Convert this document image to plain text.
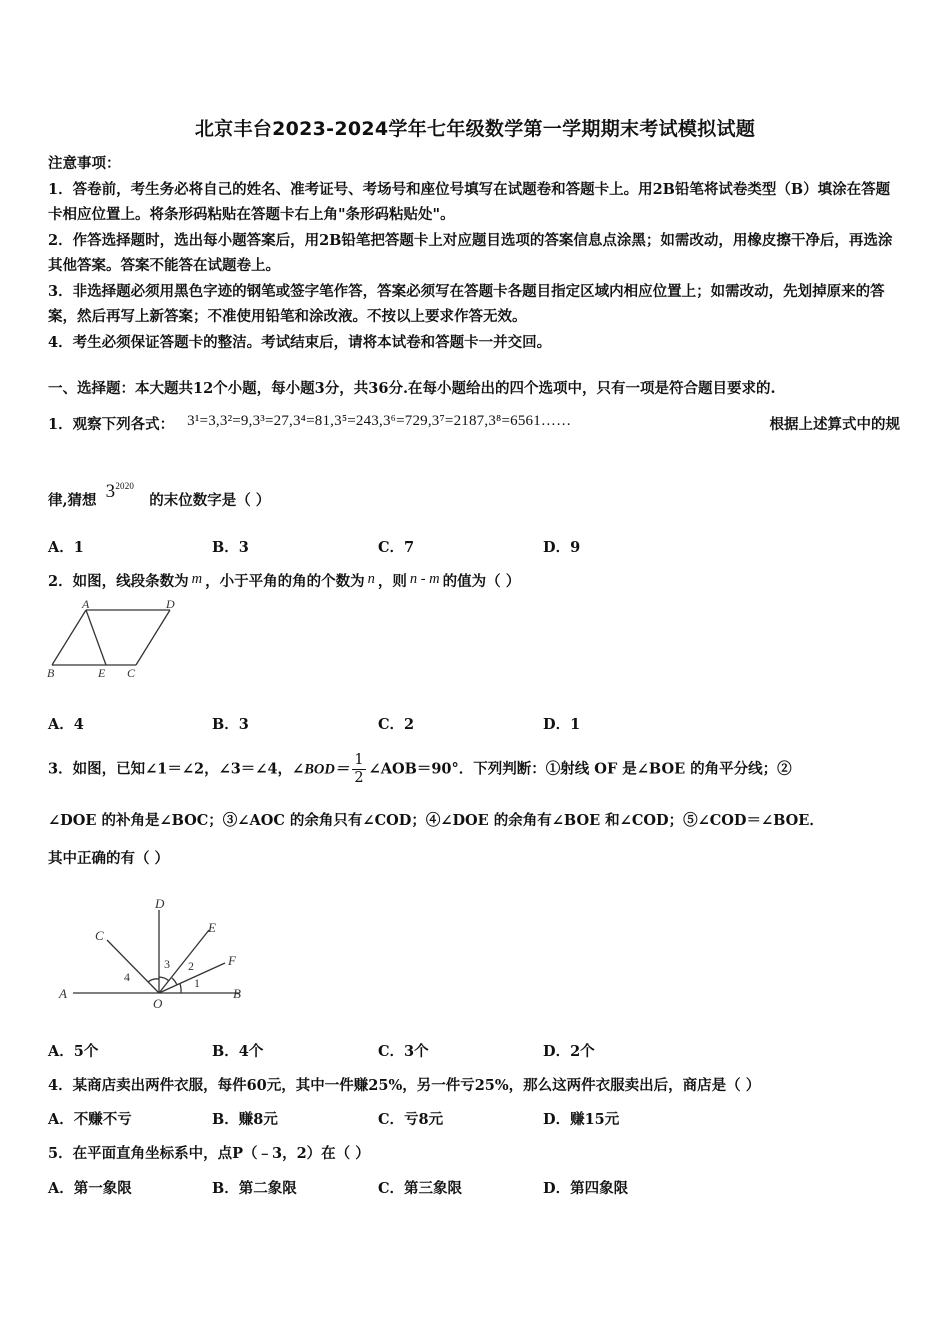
北京丰台2023-2024学年七年级数学第一学期期末考试模拟试题
注意事项：
1．答卷前，考生务必将自己的姓名、准考证号、考场号和座位号填写在试题卷和答题卡上。用2B铅笔将试卷类型（B）填涂在答题卡相应位置上。将条形码粘贴在答题卡右上角"条形码粘贴处"。
2．作答选择题时，选出每小题答案后，用2B铅笔把答题卡上对应题目选项的答案信息点涂黑；如需改动，用橡皮擦干净后，再选涂其他答案。答案不能答在试题卷上。
3．非选择题必须用黑色字迹的钢笔或签字笔作答，答案必须写在答题卡各题目指定区域内相应位置上；如需改动，先划掉原来的答案，然后再写上新答案；不准使用铅笔和涂改液。不按以上要求作答无效。
4．考生必须保证答题卡的整洁。考试结束后，请将本试卷和答题卡一并交回。
一、选择题：本大题共12个小题，每小题3分，共36分.在每小题给出的四个选项中，只有一项是符合题目要求的.
1．观察下列各式： 3¹=3,3²=9,3³=27,3⁴=81,3⁵=243,3⁶=729,3⁷=2187,3⁸=6561……	根据上述算式中的规
律,猜想 $3^{2020}$ 的末位数字是（ ）
A．1	B．3	C．7	D．9
2．如图，线段条数为 m ，小于平角的角的个数为 n ，则 n - m 的值为（ ）
A	D
B	E C
A．4	B．3	C．2	D．1
3．如图，已知∠1＝∠2，∠3＝∠4，∠BOD＝ $\frac{1}{2}$ ∠AOB＝90°．下列判断：①射线 OF 是∠BOE 的角平分线；②
∠DOE 的补角是∠BOC；③∠AOC 的余角只有∠COD；④∠DOE 的余角有∠BOE 和∠COD；⑤∠COD＝∠BOE．
其中正确的有（ ）
D
C
E
F
A
O
B
4
3 2
1
A．5个	B．4个	C．3个	D．2个
4．某商店卖出两件衣服，每件60元，其中一件赚25%，另一件亏25%，那么这两件衣服卖出后，商店是（ ）
A．不赚不亏	B．赚8元	C．亏8元	D．赚15元
5．在平面直角坐标系中，点P（﹣3，2）在（ ）
A．第一象限	B．第二象限	C．第三象限	D．第四象限
